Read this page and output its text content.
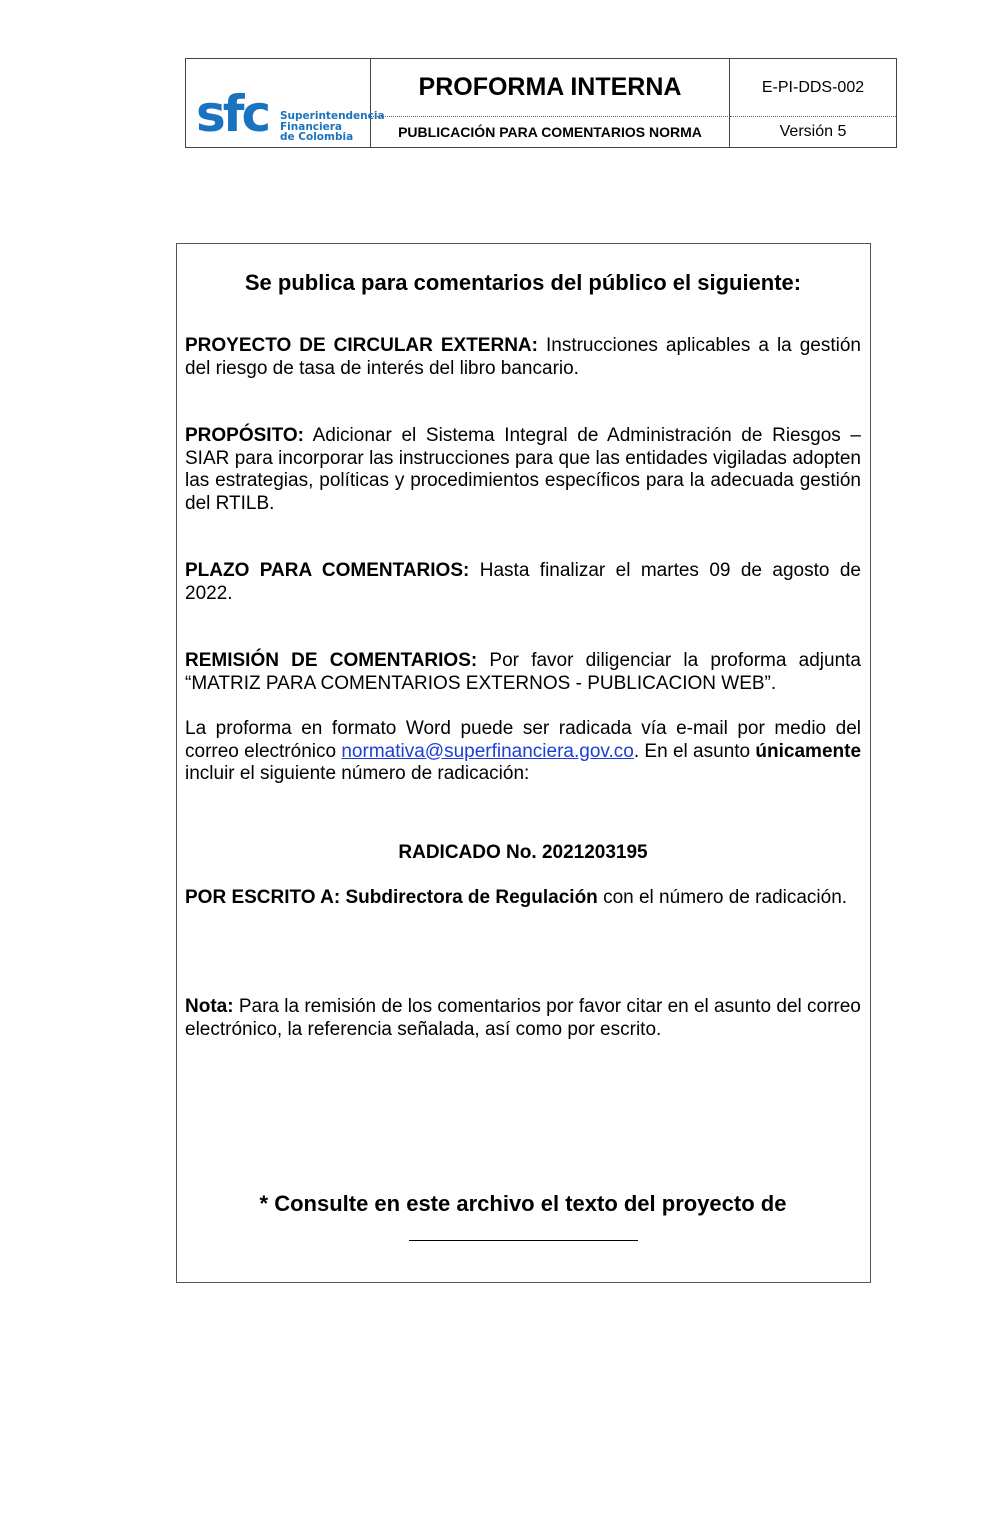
sfc Superintendencia
Financiera
de Colombia
PROFORMA INTERNA	E-PI-DDS-002
PUBLICACIÓN PARA COMENTARIOS NORMA	Versión 5
Se publica para comentarios del público el siguiente:
PROYECTO DE CIRCULAR EXTERNA: Instrucciones aplicables a la gestión del riesgo de tasa de interés del libro bancario.
PROPÓSITO: Adicionar el Sistema Integral de Administración de Riesgos – SIAR para incorporar las instrucciones para que las entidades vigiladas adopten las estrategias, políticas y procedimientos específicos para la adecuada gestión del RTILB.
PLAZO PARA COMENTARIOS: Hasta finalizar el martes 09 de agosto de 2022.
REMISIÓN DE COMENTARIOS: Por favor diligenciar la proforma adjunta “MATRIZ PARA COMENTARIOS EXTERNOS - PUBLICACION WEB”.
La proforma en formato Word puede ser radicada vía e-mail por medio del correo electrónico normativa@superfinanciera.gov.co. En el asunto únicamente incluir el siguiente número de radicación:
RADICADO No. 2021203195
POR ESCRITO A: Subdirectora de Regulación con el número de radicación.
Nota: Para la remisión de los comentarios por favor citar en el asunto del correo electrónico, la referencia señalada, así como por escrito.
* Consulte en este archivo el texto del proyecto de
